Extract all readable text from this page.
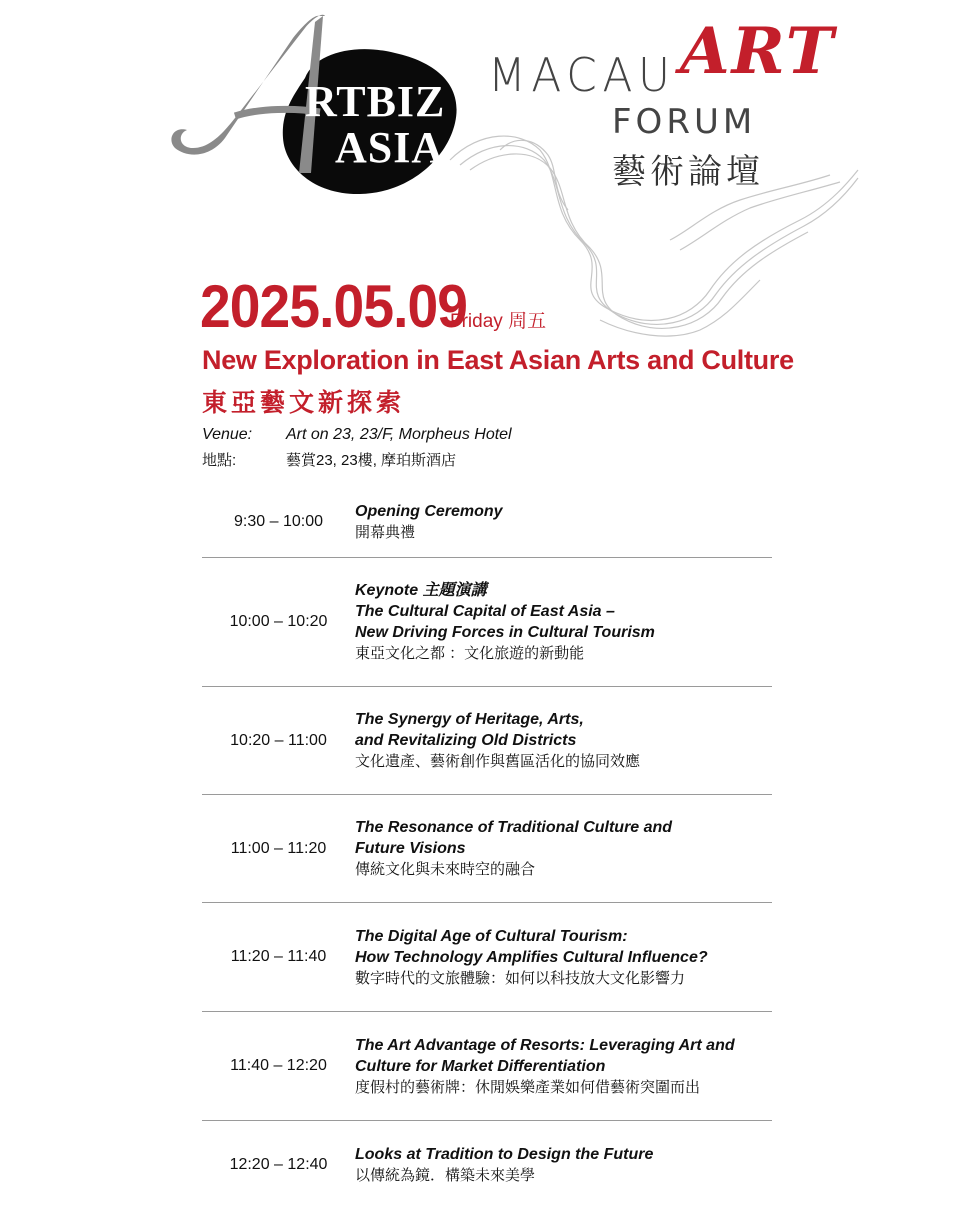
RTBIZ
ASIA
MACAU ART
FORUM
藝術論壇
2025.05.09
Friday 周五
New Exploration in East Asian Arts and Culture
東亞藝文新探索
Venue: Art on 23, 23/F, Morpheus Hotel
地點:	藝賞23, 23樓, 摩珀斯酒店
9:30 – 10:00
Opening Ceremony
開幕典禮
10:00 – 10:20
Keynote 主題演講
The Cultural Capital of East Asia –
New Driving Forces in Cultural Tourism
東亞文化之都 ：文化旅遊的新動能
10:20 – 11:00
The Synergy of Heritage, Arts,
and Revitalizing Old Districts
文化遺產、藝術創作與舊區活化的協同效應
11:00 – 11:20
The Resonance of Traditional Culture and
Future Visions
傳統文化與未來時空的融合
11:20 – 11:40
The Digital Age of Cultural Tourism:
How Technology Amplifies Cultural Influence?
數字時代的文旅體驗：如何以科技放大文化影響力
11:40 – 12:20
The Art Advantage of Resorts: Leveraging Art and
Culture for Market Differentiation
度假村的藝術牌：休閒娛樂產業如何借藝術突圍而出
12:20 – 12:40
Looks at Tradition to Design the Future
以傳統為鏡．構築未來美學
